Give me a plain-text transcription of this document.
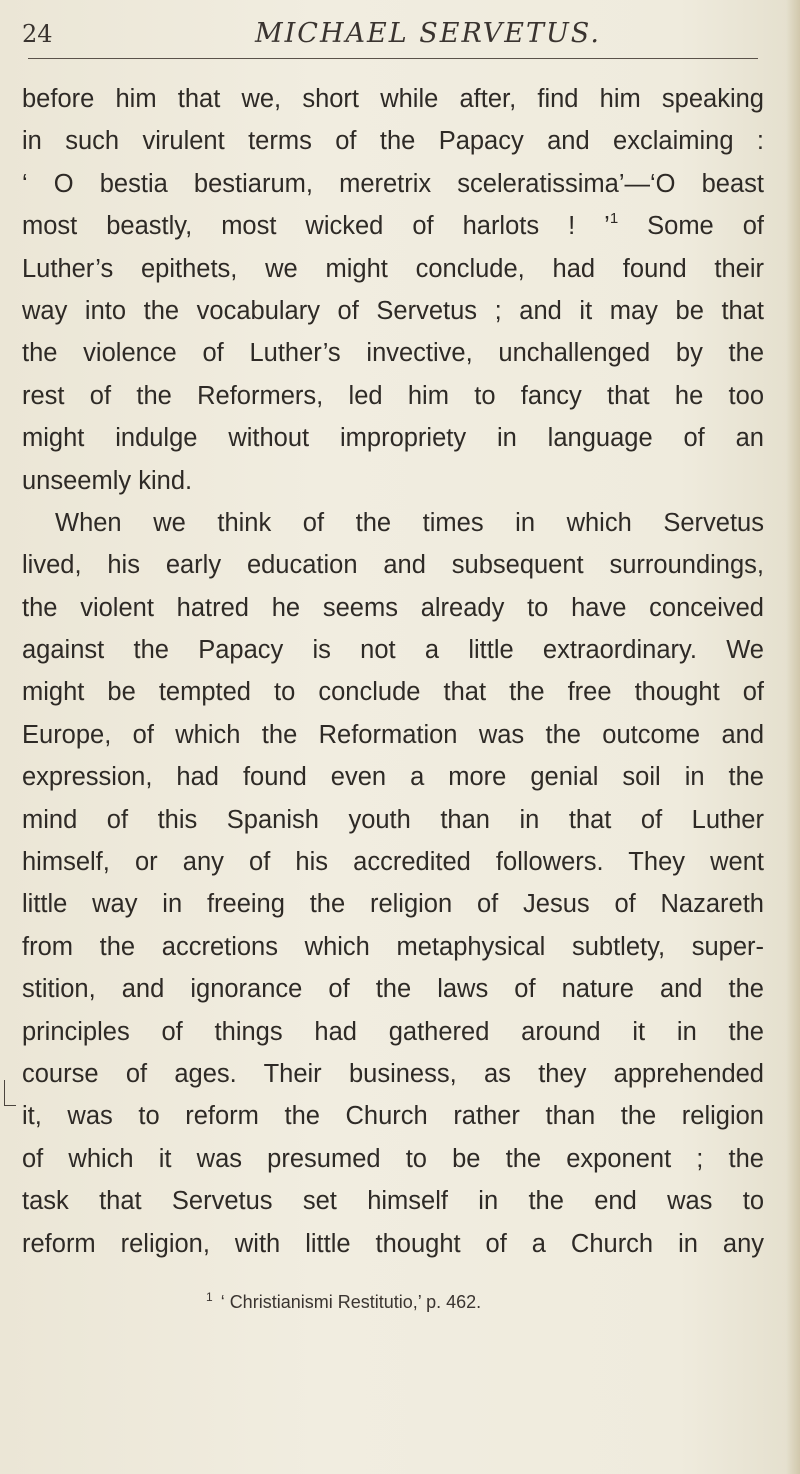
24	MICHAEL SERVETUS.
before him that we, short while after, find him speaking
in such virulent terms of the Papacy and exclaiming :
‘ O bestia bestiarum, meretrix sceleratissima’—‘O beast
most beastly, most wicked of harlots ! ’$^1$ Some of
Luther’s epithets, we might conclude, had found their
way into the vocabulary of Servetus ; and it may be that
the violence of Luther’s invective, unchallenged by the
rest of the Reformers, led him to fancy that he too
might indulge without impropriety in language of an
unseemly kind.
When we think of the times in which Servetus
lived, his early education and subsequent surroundings,
the violent hatred he seems already to have conceived
against the Papacy is not a little extraordinary. We
might be tempted to conclude that the free thought of
Europe, of which the Reformation was the outcome and
expression, had found even a more genial soil in the
mind of this Spanish youth than in that of Luther
himself, or any of his accredited followers. They went
little way in freeing the religion of Jesus of Nazareth
from the accretions which metaphysical subtlety, super-
stition, and ignorance of the laws of nature and the
principles of things had gathered around it in the
course of ages. Their business, as they apprehended
it, was to reform the Church rather than the religion
of which it was presumed to be the exponent ; the
task that Servetus set himself in the end was to
reform religion, with little thought of a Church in any
$^1$ ‘ Christianismi Restitutio,’ p. 462.
